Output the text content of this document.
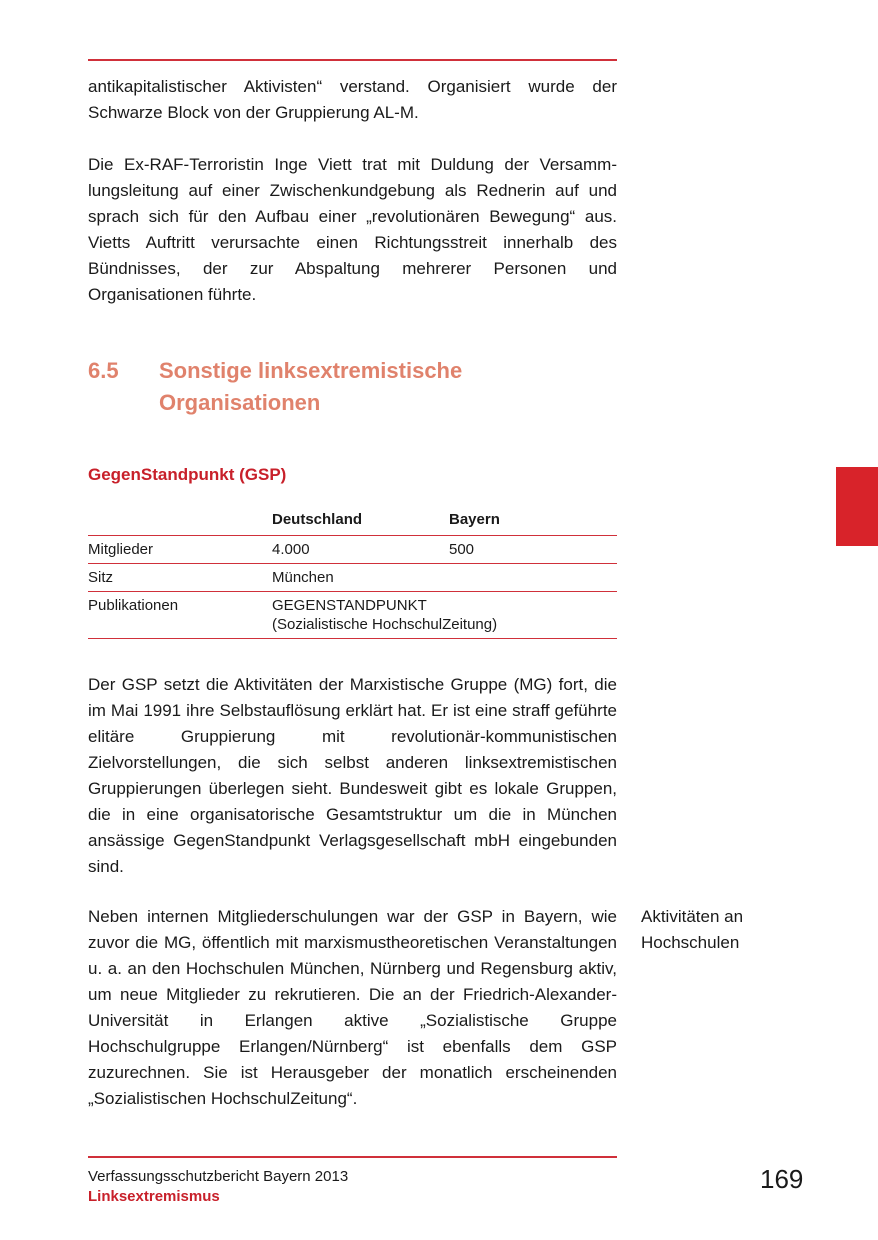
antikapitalistischer Aktivisten“ verstand. Organisiert wurde der Schwarze Block von der Gruppierung AL-M.

Die Ex-RAF-Terroristin Inge Viett trat mit Duldung der Versammlungsleitung auf einer Zwischenkundgebung als Rednerin auf und sprach sich für den Aufbau einer „revolutionären Bewegung“ aus. Vietts Auftritt verursachte einen Richtungsstreit innerhalb des Bündnisses, der zur Abspaltung mehrerer Personen und Organisationen führte.

6.5 Sonstige linksextremistische Organisationen
GegenStandpunkt (GSP)
	Deutschland	Bayern
Mitglieder	4.000	500
Sitz	München	
Publikationen	GEGENSTANDPUNKT
(Sozialistische HochschulZeitung)	

Der GSP setzt die Aktivitäten der Marxistische Gruppe (MG) fort, die im Mai 1991 ihre Selbstauflösung erklärt hat. Er ist eine straff geführte elitäre Gruppierung mit revolutionär-kommunistischen Zielvorstellungen, die sich selbst anderen linksextremistischen Gruppierungen überlegen sieht. Bundesweit gibt es lokale Gruppen, die in eine organisatorische Gesamtstruktur um die in München ansässige GegenStandpunkt Verlagsgesellschaft mbH eingebunden sind.

Neben internen Mitgliederschulungen war der GSP in Bayern, wie zuvor die MG, öffentlich mit marxismustheoretischen Veranstaltungen u. a. an den Hochschulen München, Nürnberg und Regensburg aktiv, um neue Mitglieder zu rekrutieren. Die an der Friedrich-Alexander-Universität in Erlangen aktive „Sozialistische Gruppe Hochschulgruppe Erlangen/Nürnberg“ ist ebenfalls dem GSP zuzurechnen. Sie ist Herausgeber der monatlich erscheinenden „Sozialistischen HochschulZeitung“.

Aktivitäten an
Hochschulen
Verfassungsschutzbericht Bayern 2013
Linksextremismus
169
